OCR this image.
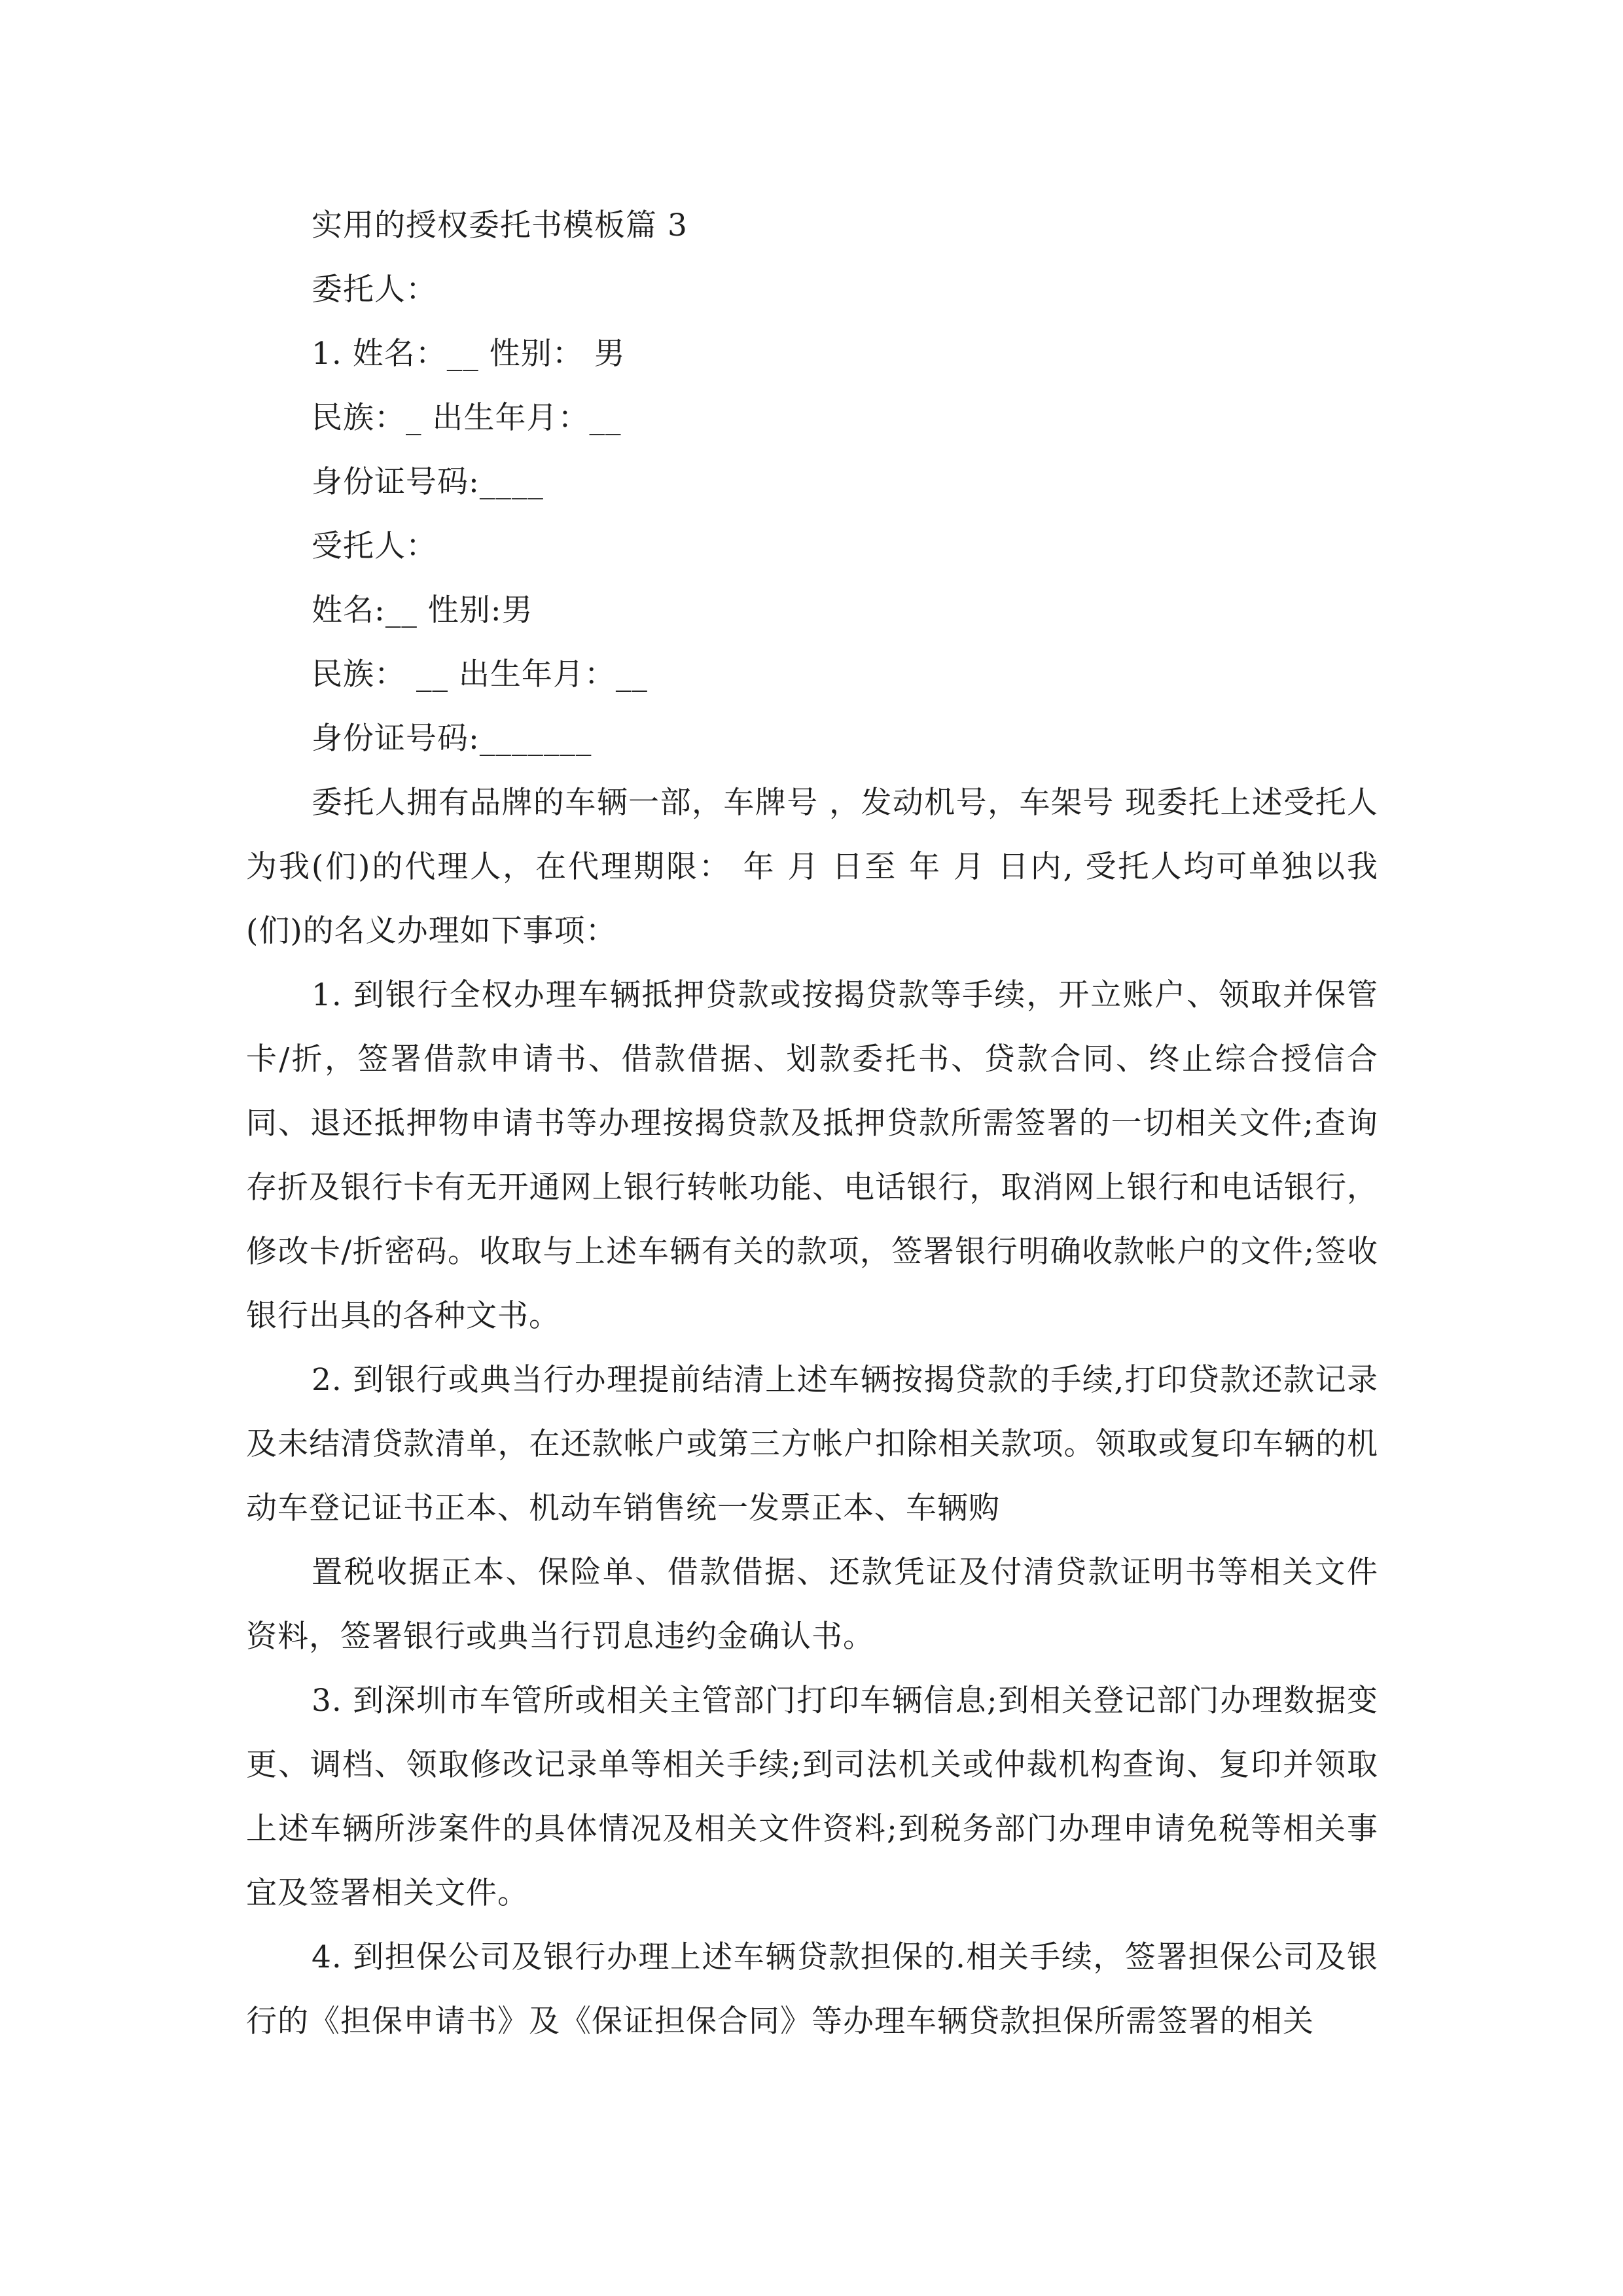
实用的授权委托书模板篇 3
委托人：
1. 姓名：__ 性别： 男
民族：_ 出生年月：__
身份证号码:____
受托人：
姓名:__ 性别:男
民族： __ 出生年月：__
身份证号码:_______

委托人拥有品牌的车辆一部，车牌号 ，发动机号，车架号 现委托上述受托人为我(们)的代理人，在代理期限： 年 月 日至 年 月 日内, 受托人均可单独以我(们)的名义办理如下事项：

1. 到银行全权办理车辆抵押贷款或按揭贷款等手续，开立账户、领取并保管卡/折，签署借款申请书、借款借据、划款委托书、贷款合同、终止综合授信合同、退还抵押物申请书等办理按揭贷款及抵押贷款所需签署的一切相关文件;查询存折及银行卡有无开通网上银行转帐功能、电话银行，取消网上银行和电话银行，修改卡/折密码。收取与上述车辆有关的款项，签署银行明确收款帐户的文件;签收银行出具的各种文书。

2. 到银行或典当行办理提前结清上述车辆按揭贷款的手续,打印贷款还款记录及未结清贷款清单，在还款帐户或第三方帐户扣除相关款项。领取或复印车辆的机动车登记证书正本、机动车销售统一发票正本、车辆购

置税收据正本、保险单、借款借据、还款凭证及付清贷款证明书等相关文件资料，签署银行或典当行罚息违约金确认书。

3. 到深圳市车管所或相关主管部门打印车辆信息;到相关登记部门办理数据变更、调档、领取修改记录单等相关手续;到司法机关或仲裁机构查询、复印并领取上述车辆所涉案件的具体情况及相关文件资料;到税务部门办理申请免税等相关事宜及签署相关文件。

4. 到担保公司及银行办理上述车辆贷款担保的.相关手续，签署担保公司及银行的《担保申请书》及《保证担保合同》等办理车辆贷款担保所需签署的相关
